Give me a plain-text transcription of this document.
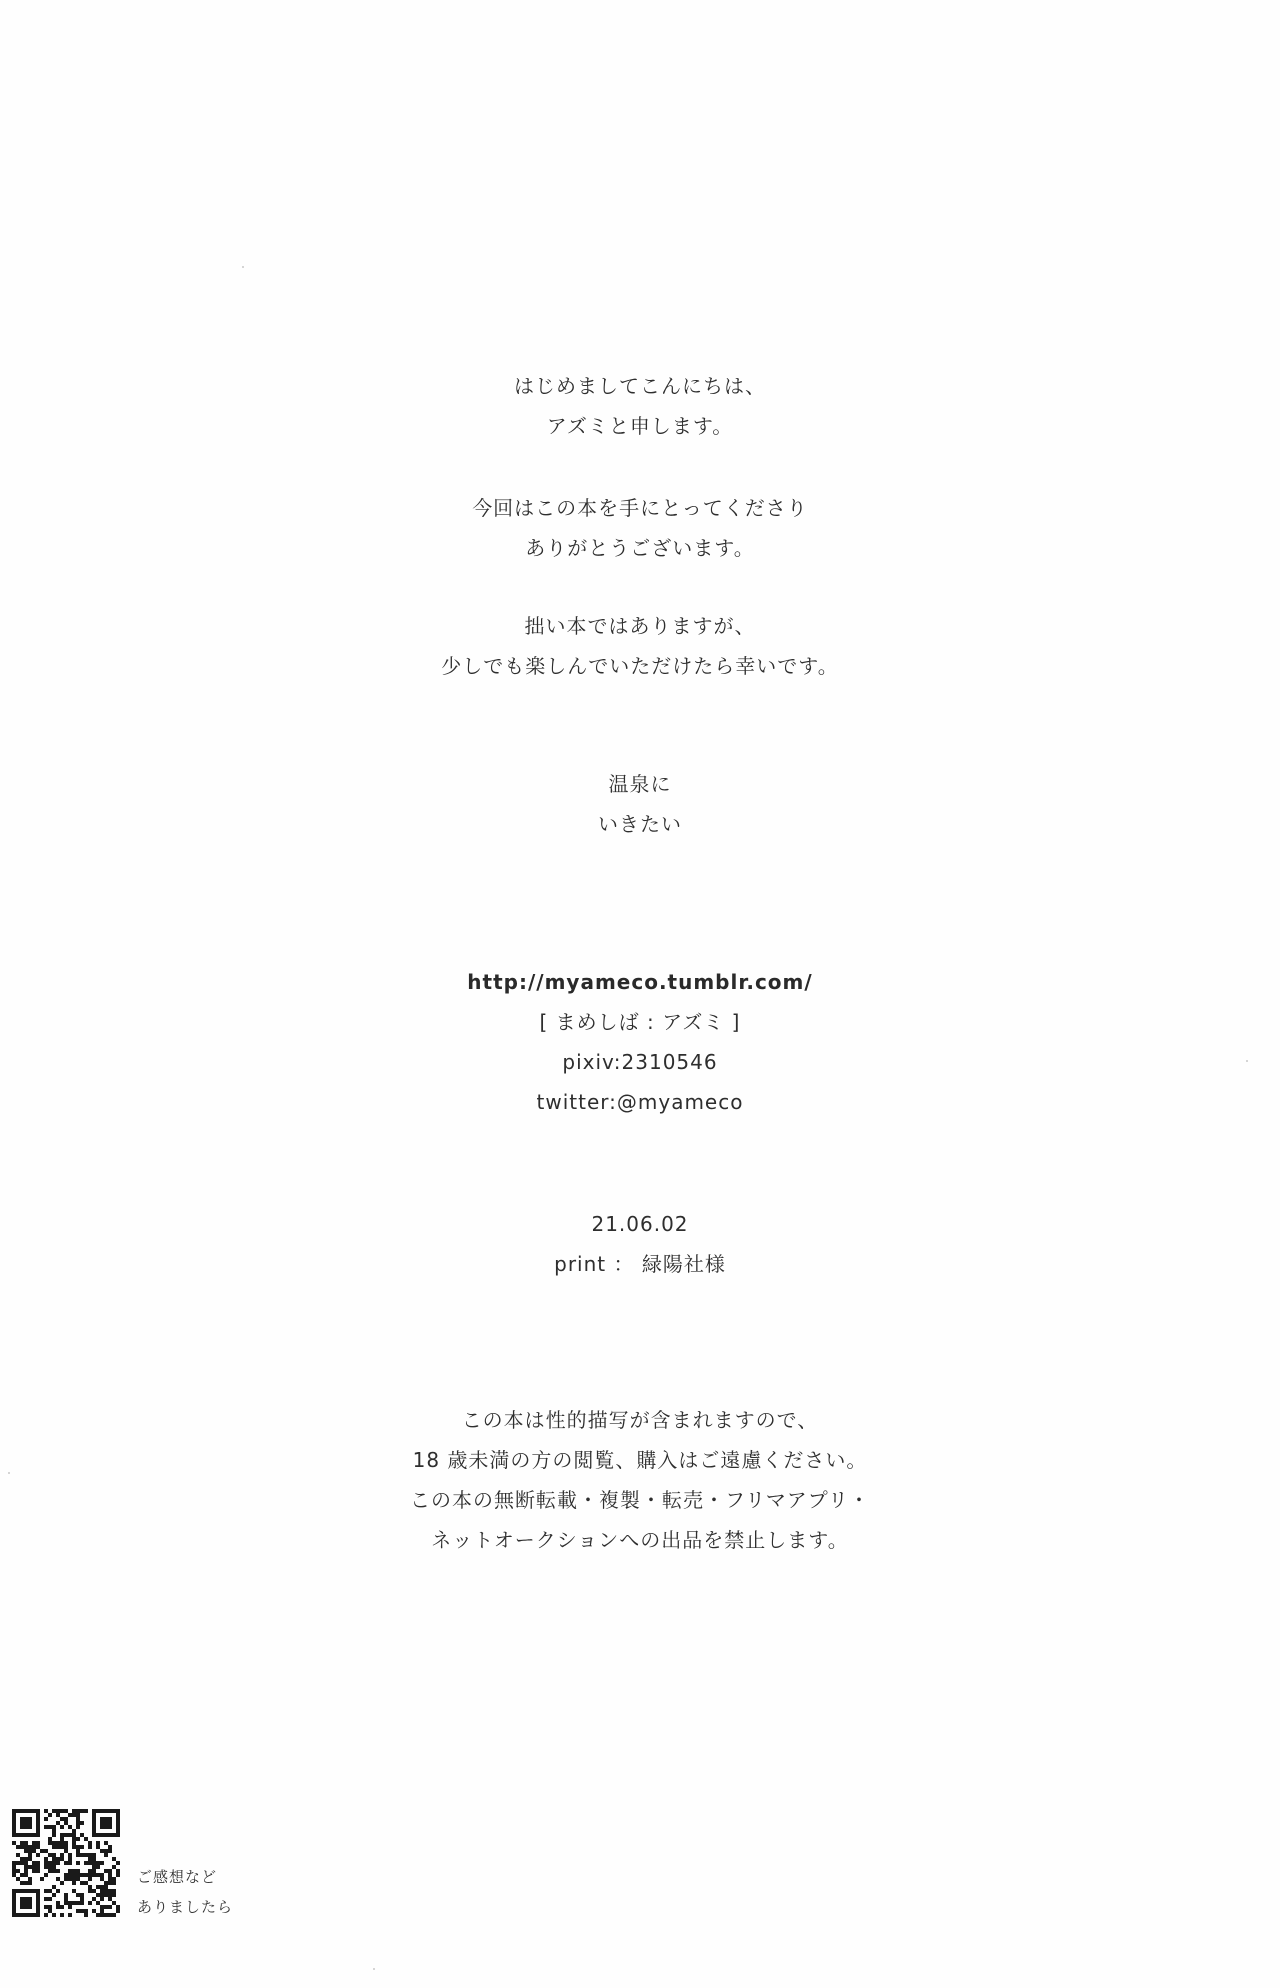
はじめましてこんにちは、
アズミと申します。
今回はこの本を手にとってくださり
ありがとうございます。
拙い本ではありますが、
少しでも楽しんでいただけたら幸いです。
温泉に
いきたい
http://myameco.tumblr.com/
[ まめしば : アズミ ]
pixiv:2310546
twitter:@myameco
21.06.02
print ： 緑陽社様
この本は性的描写が含まれますので、
18 歳未満の方の閲覧、購入はご遠慮ください。
この本の無断転載・複製・転売・フリマアプリ・
ネットオークションへの出品を禁止します。
ご感想など
ありましたら
